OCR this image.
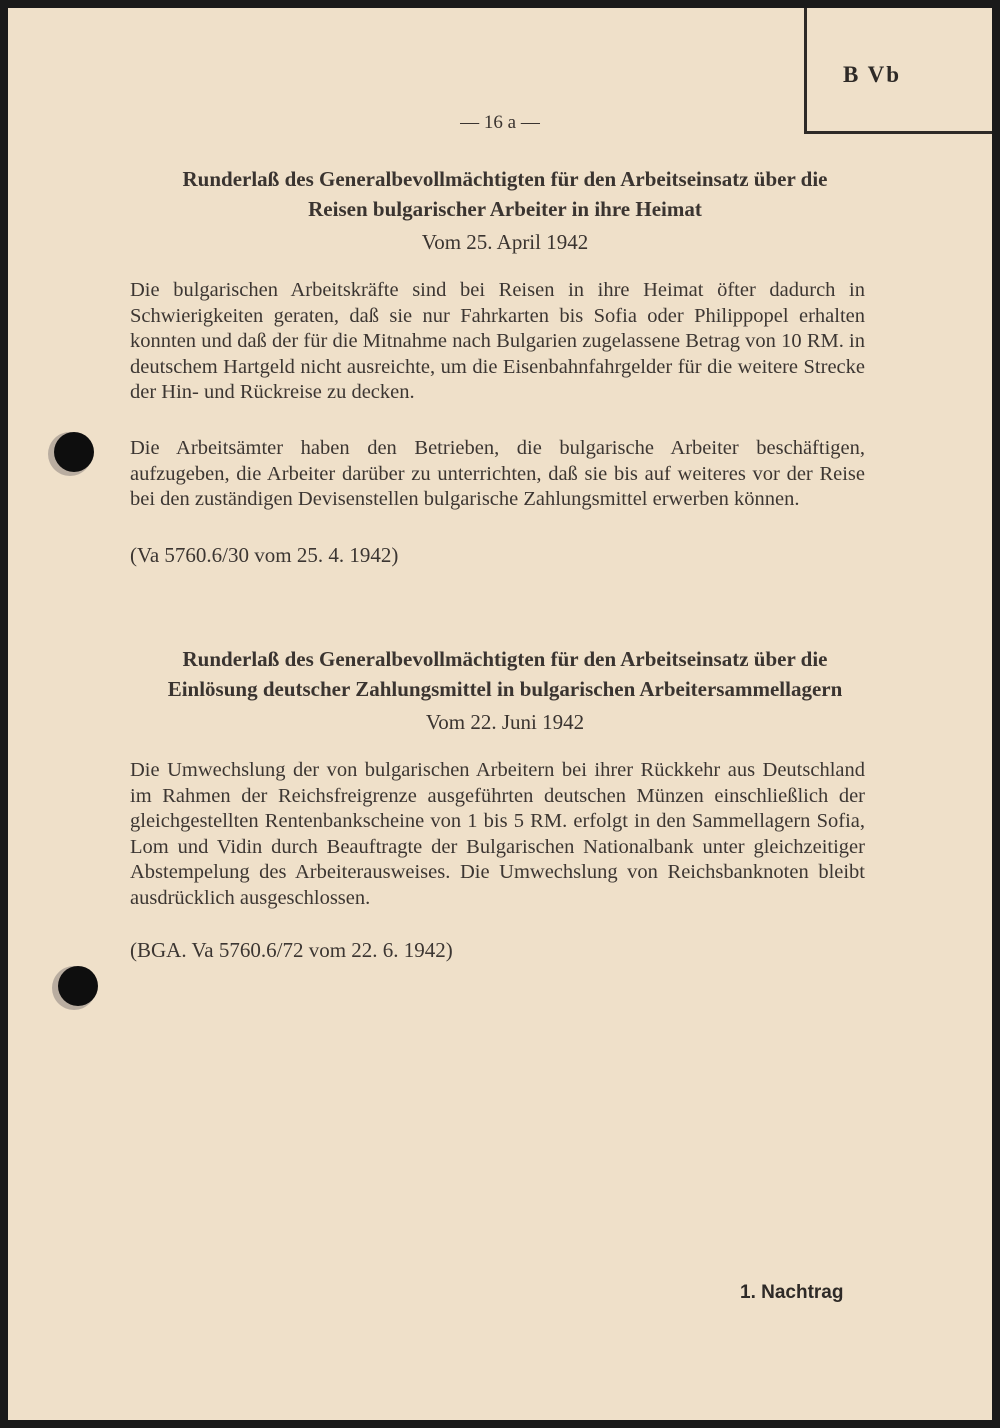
B Vb
— 16 a —
Runderlaß des Generalbevollmächtigten für den Arbeitseinsatz über die
Reisen bulgarischer Arbeiter in ihre Heimat
Vom 25. April 1942

Die bulgarischen Arbeitskräfte sind bei Reisen in ihre Heimat öfter dadurch in Schwierigkeiten geraten, daß sie nur Fahrkarten bis Sofia oder Philippopel erhalten konnten und daß der für die Mitnahme nach Bulgarien zugelassene Betrag von 10 RM. in deutschem Hartgeld nicht ausreichte, um die Eisenbahnfahrgelder für die weitere Strecke der Hin- und Rückreise zu decken.

Die Arbeitsämter haben den Betrieben, die bulgarische Arbeiter beschäftigen, aufzugeben, die Arbeiter darüber zu unterrichten, daß sie bis auf weiteres vor der Reise bei den zuständigen Devisenstellen bulgarische Zahlungsmittel erwerben können.

(Va 5760.6/30 vom 25. 4. 1942)
Runderlaß des Generalbevollmächtigten für den Arbeitseinsatz über die
Einlösung deutscher Zahlungsmittel in bulgarischen Arbeitersammellagern
Vom 22. Juni 1942

Die Umwechslung der von bulgarischen Arbeitern bei ihrer Rückkehr aus Deutschland im Rahmen der Reichsfreigrenze ausgeführten deutschen Münzen einschließlich der gleichgestellten Rentenbankscheine von 1 bis 5 RM. erfolgt in den Sammellagern Sofia, Lom und Vidin durch Beauftragte der Bulgarischen Nationalbank unter gleichzeitiger Abstempelung des Arbeiterausweises. Die Umwechslung von Reichsbanknoten bleibt ausdrücklich ausgeschlossen.

(BGA. Va 5760.6/72 vom 22. 6. 1942)
1. Nachtrag
